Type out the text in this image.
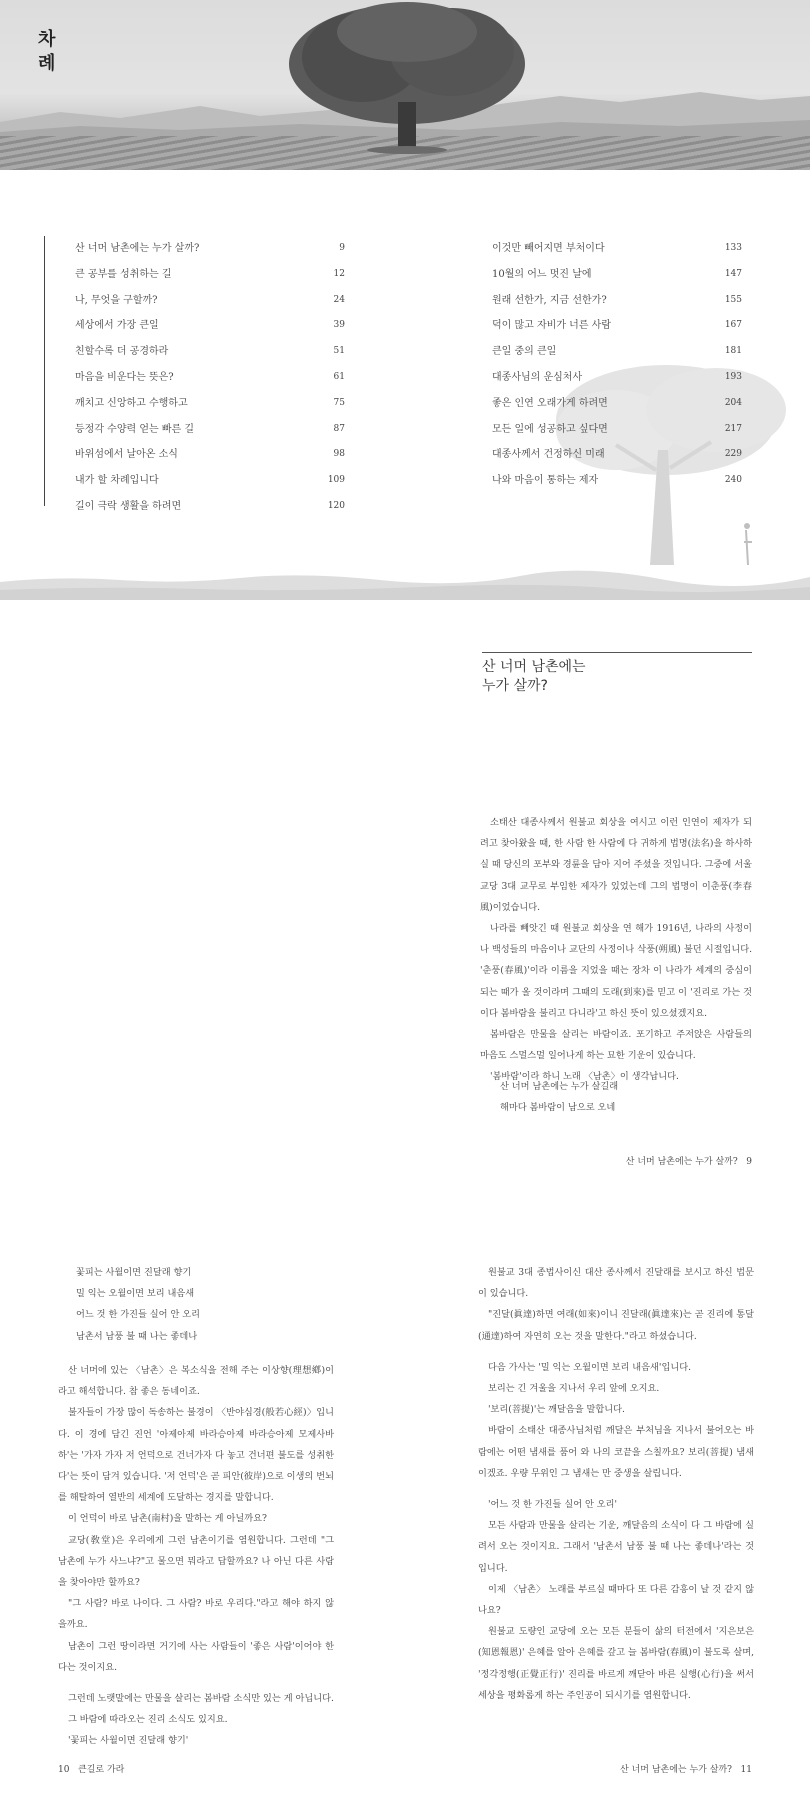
차례
산 너머 남촌에는 누가 살까?	9
큰 공부를 성취하는 길	12
나, 무엇을 구할까?	24
세상에서 가장 큰일	39
친할수록 더 공경하라	51
마음을 비운다는 뜻은?	61
깨치고 신앙하고 수행하고	75
등정각 수양력 얻는 빠른 길	87
바위섬에서 날아온 소식	98
내가 할 차례입니다	109
길이 극락 생활을 하려면	120
이것만 빼어지면 부처이다	133
10월의 어느 멋진 날에	147
원래 선한가, 지금 선한가?	155
덕이 많고 자비가 너른 사람	167
큰일 중의 큰일	181
대종사님의 운심처사	193
좋은 인연 오래가게 하려면	204
모든 일에 성공하고 싶다면	217
대종사께서 건정하신 미래	229
나와 마음이 통하는 제자	240
산 너머 남촌에는
누가 살까?

소태산 대종사께서 원불교 회상을 여시고 이런 인연이 제자가 되려고 찾아왔을 때, 한 사람 한 사람에 다 귀하게 법명(法名)을 하사하실 때 당신의 포부와 경륜을 담아 지어 주셨을 것입니다. 그중에 서울교당 3대 교무로 부임한 제자가 있었는데 그의 법명이 이춘풍(李春風)이었습니다.

나라를 빼앗긴 때 원불교 회상을 연 해가 1916년, 나라의 사정이나 백성들의 마음이나 교단의 사정이나 삭풍(朔風) 불던 시절입니다. '춘풍(春風)'이라 이름을 지었을 때는 장차 이 나라가 세계의 중심이 되는 때가 올 것이라며 그때의 도래(到來)를 믿고 이 '진리로 가는 것이다 봄바람을 불리고 다니라'고 하신 뜻이 있으셨겠지요.

봄바람은 만물을 살리는 바람이죠. 포기하고 주저앉은 사람들의 마음도 스멀스멀 일어나게 하는 묘한 기운이 있습니다.

'봄바람'이라 하니 노래 〈남촌〉이 생각납니다.

산 너머 남촌에는 누가 살길래
해마다 봄바람이 남으로 오네
산 너머 남촌에는 누가 살까? 9
꽃피는 사월이면 진달래 향기
밀 익는 오월이면 보리 내음새
어느 것 한 가진들 실어 안 오리
남촌서 남풍 불 때 나는 좋데나

산 너머에 있는 〈남촌〉은 복소식을 전해 주는 이상향(理想鄕)이라고 해석합니다. 참 좋은 동네이죠.

불자들이 가장 많이 독송하는 불경이 〈반야심경(般若心經)〉입니다. 이 경에 담긴 진언 '아제아제 바라승아제 바라승아제 모제사바하'는 '가자 가자 저 언덕으로 건너가자 다 놓고 건너편 불도를 성취한다'는 뜻이 담겨 있습니다. '저 언덕'은 곧 피안(彼岸)으로 이생의 번뇌를 해탈하여 열반의 세계에 도달하는 경지를 말합니다.

이 언덕이 바로 남촌(南村)을 말하는 게 아닐까요?

교당(敎堂)은 우리에게 그런 남촌이기를 염원합니다. 그런데 "그 남촌에 누가 사느냐?"고 물으면 뭐라고 답할까요? 나 아닌 다른 사람을 찾아야만 할까요?

"그 사람? 바로 나이다. 그 사람? 바로 우리다."라고 해야 하지 않을까요.

남촌이 그런 땅이라면 거기에 사는 사람들이 '좋은 사람'이어야 한다는 것이지요.

그런데 노랫말에는 만물을 살리는 봄바람 소식만 있는 게 아닙니다.

그 바람에 따라오는 진리 소식도 있지요.

'꽃피는 사월이면 진달래 향기'

10 큰길로 가라

원불교 3대 종법사이신 대산 종사께서 진달래를 보시고 하신 법문이 있습니다.

"진달(眞達)하면 여래(如來)이니 진달래(眞達來)는 곧 진리에 통달(通達)하여 자연히 오는 것을 말한다."라고 하셨습니다.

다음 가사는 '밀 익는 오월이면 보리 내음새'입니다.

보리는 긴 겨울을 지나서 우리 앞에 오지요.

'보리(菩提)'는 깨달음을 말합니다.

바람이 소태산 대종사님처럼 깨달은 부처님을 지나서 불어오는 바람에는 어떤 냄새를 품어 와 나의 코끝을 스칠까요? 보리(菩提) 냄새이겠죠. 우량 무위인 그 냄새는 만 중생을 살립니다.

'어느 것 한 가진들 실어 안 오리'

모든 사람과 만물을 살리는 기운, 깨달음의 소식이 다 그 바람에 실려서 오는 것이지요. 그래서 '남촌서 남풍 불 때 나는 좋데나'라는 것입니다.

이제 〈남촌〉 노래를 부르실 때마다 또 다른 감흥이 날 것 같지 않나요?

원불교 도량인 교당에 오는 모든 분들이 삶의 터전에서 '지은보은(知恩報恩)' 은혜를 알아 은혜를 갚고 늘 봄바람(春風)이 불도록 살며, '정각정행(正覺正行)' 진리를 바르게 깨닫아 바른 실행(心行)을 써서 세상을 평화롭게 하는 주인공이 되시기를 염원합니다.

산 너머 남촌에는 누가 살까? 11
